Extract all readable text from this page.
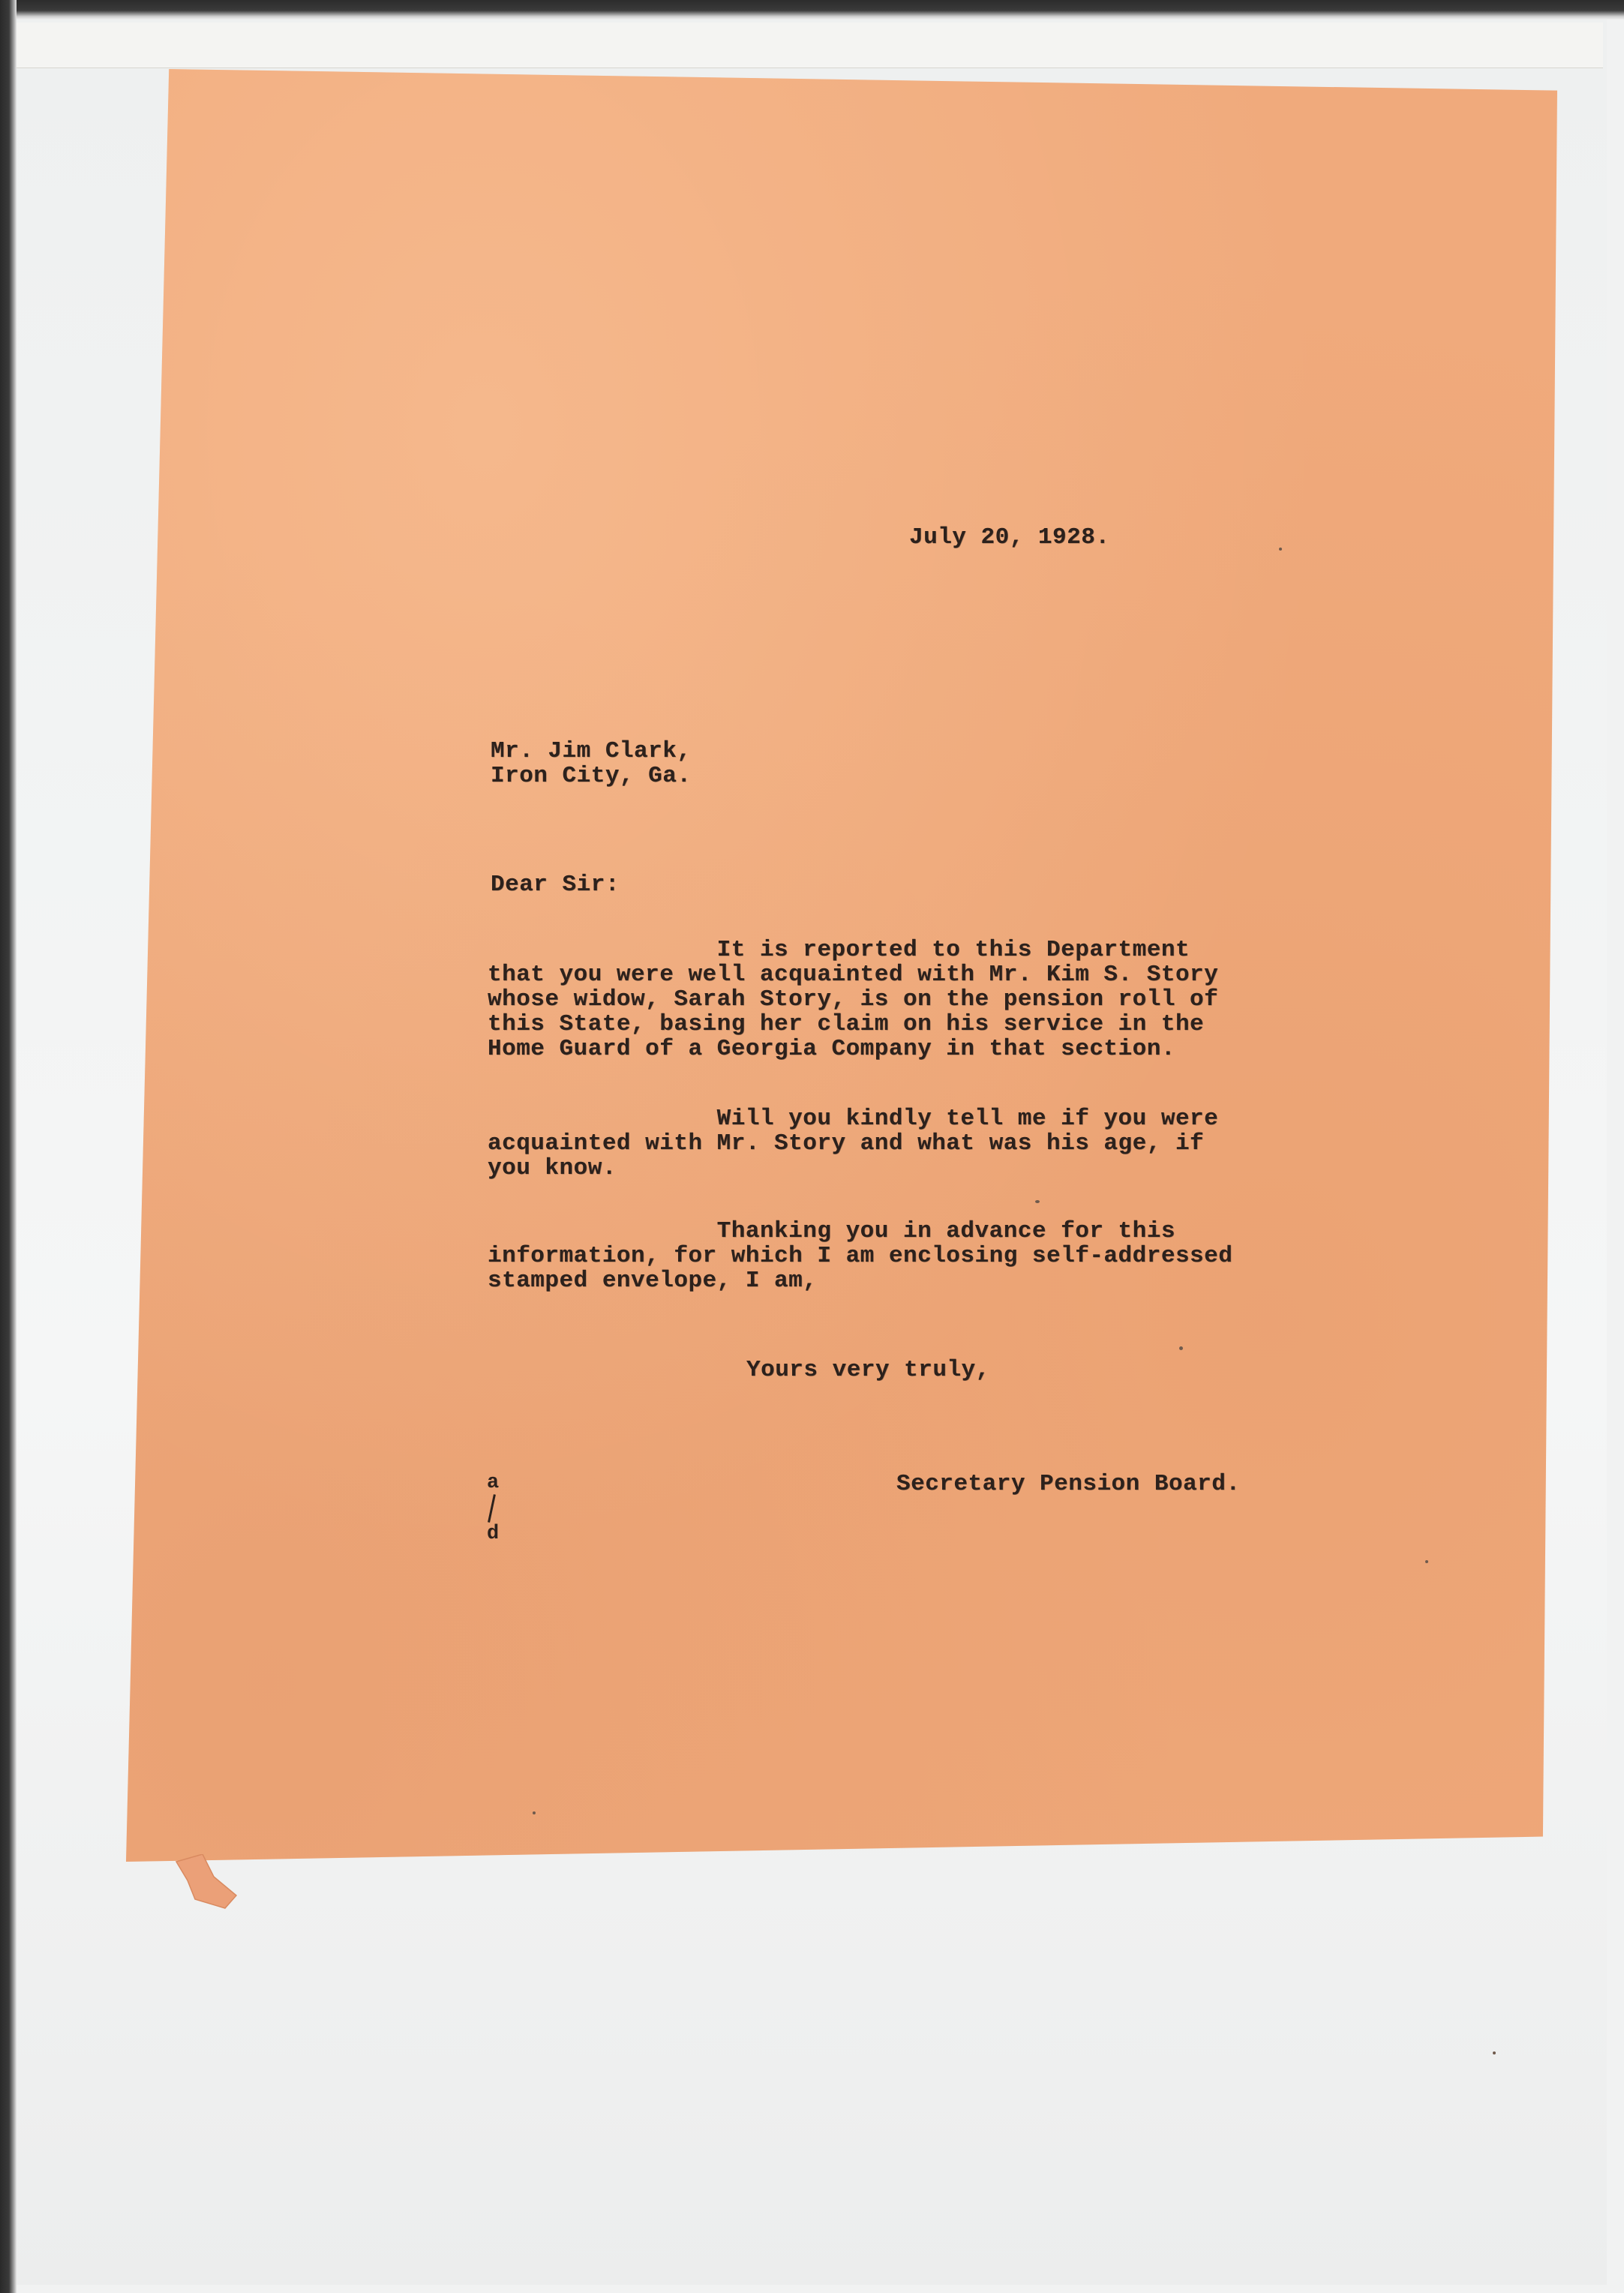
July 20, 1928.
Mr. Jim Clark,
Iron City, Ga.
Dear Sir:
It is reported to this Department
that you were well acquainted with Mr. Kim S. Story
whose widow, Sarah Story, is on the pension roll of
this State, basing her claim on his service in the
Home Guard of a Georgia Company in that section.
Will you kindly tell me if you were
acquainted with Mr. Story and what was his age, if
you know.
Thanking you in advance for this
information, for which I am enclosing self-addressed
stamped envelope, I am,
Yours very truly,
Secretary Pension Board.
a
d
